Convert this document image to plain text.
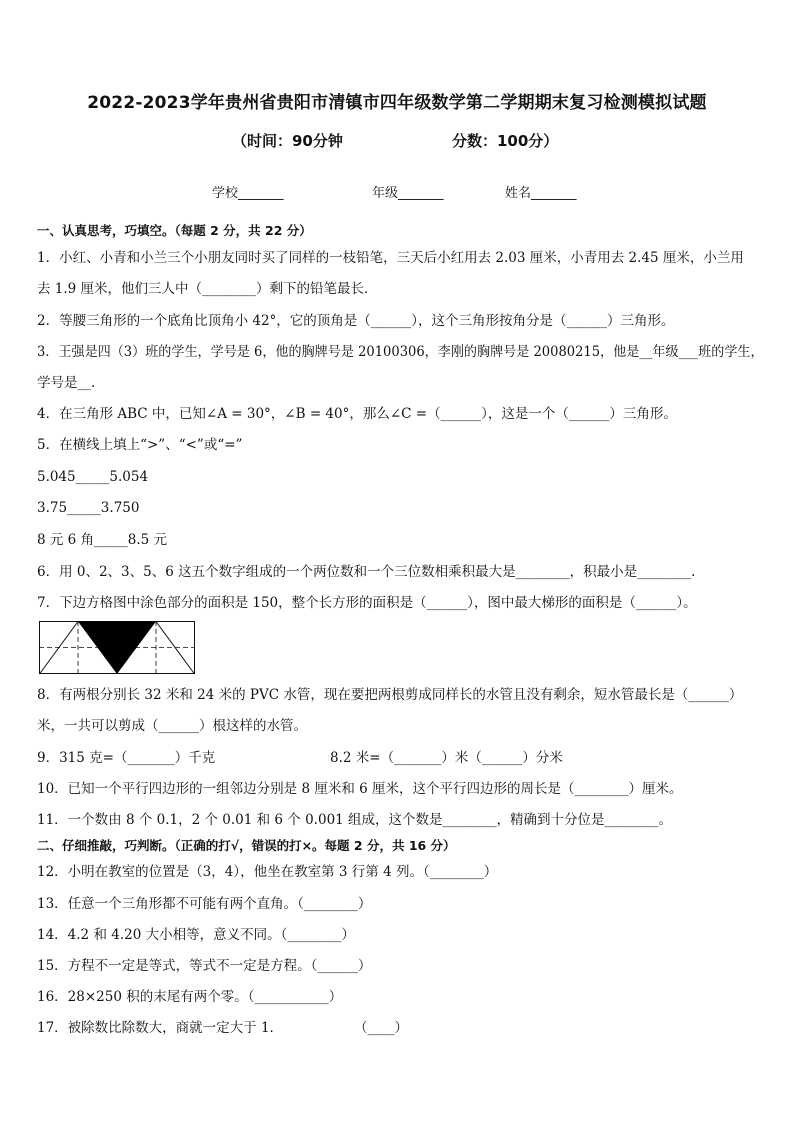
2022-2023学年贵州省贵阳市清镇市四年级数学第二学期期末复习检测模拟试题
（时间：90分钟	分数：100分）
学校_______	年级_______	姓名_______
一、认真思考，巧填空。（每题 2 分，共 22 分）
1．小红、小青和小兰三个小朋友同时买了同样的一枝铅笔，三天后小红用去 2.03 厘米，小青用去 2.45 厘米，小兰用
去 1.9 厘米，他们三人中（________）剩下的铅笔最长．
2．等腰三角形的一个底角比顶角小 42°，它的顶角是（______），这个三角形按角分是（______）三角形。
3．王强是四（3）班的学生，学号是 6，他的胸牌号是 20100306，李刚的胸牌号是 20080215，他是__年级___班的学生，
学号是__.
4．在三角形 ABC 中，已知∠A = 30°，∠B = 40°，那么∠C =（______），这是一个（______）三角形。
5．在横线上填上“>”、“<”或“=”
5.045_____5.054
3.75_____3.750
8 元 6 角_____8.5 元
6．用 0、2、3、5、6 这五个数字组成的一个两位数和一个三位数相乘积最大是________，积最小是________.
7．下边方格图中涂色部分的面积是 150，整个长方形的面积是（______），图中最大梯形的面积是（______）。
8．有两根分别长 32 米和 24 米的 PVC 水管，现在要把两根剪成同样长的水管且没有剩余，短水管最长是（______）
米，一共可以剪成（______）根这样的水管。
9．315 克=（_______）千克	8.2 米=（_______）米（______）分米
10．已知一个平行四边形的一组邻边分别是 8 厘米和 6 厘米，这个平行四边形的周长是（________）厘米。
11．一个数由 8 个 0.1，2 个 0.01 和 6 个 0.001 组成，这个数是________，精确到十分位是________。
二、仔细推敲，巧判断。（正确的打√，错误的打×。每题 2 分，共 16 分）
12．小明在教室的位置是（3，4），他坐在教室第 3 行第 4 列。（________）
13．任意一个三角形都不可能有两个直角。（________）
14．4.2 和 4.20 大小相等，意义不同。（________）
15．方程不一定是等式，等式不一定是方程。（______）
16．28×250 积的末尾有两个零。（___________）
17．被除数比除数大，商就一定大于 1．	（____）
